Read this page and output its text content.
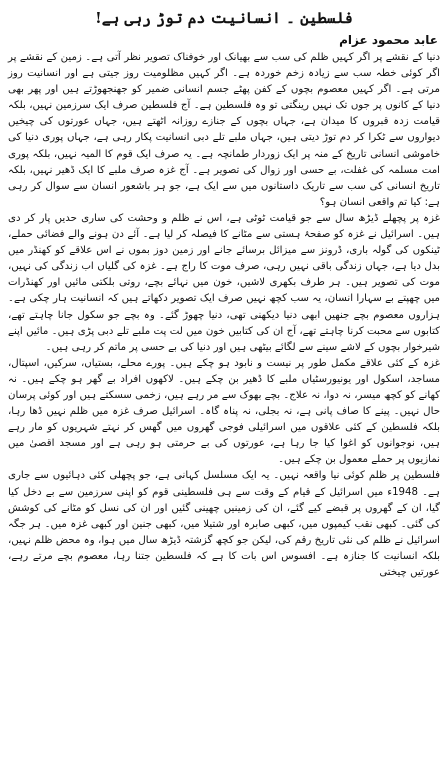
فلسطین ۔ انسانیت دم توڑ رہی ہے!
عابد محمود عزام

دنیا کے نقشے پر اگر کہیں ظلم کی سب سے بھیانک اور خوفناک تصویر نظر آتی ہے۔ زمین کے نقشے پر اگر کوئی خطہ سب سے زیادہ زخم خوردہ ہے۔ اگر کہیں مظلومیت روز جیتی ہے اور انسانیت روز مرتی ہے۔ اگر کہیں معصوم بچوں کے کفن پھٹے جسم انسانی ضمیر کو جھنجھوڑتے ہیں اور پھر بھی دنیا کے کانوں پر جوں تک نہیں رینگتی تو وہ فلسطین ہے۔ آج فلسطین صرف ایک سرزمین نہیں، بلکہ قیامت زدہ قبروں کا میدان ہے، جہاں بچوں کے جنازے روزانہ اٹھتے ہیں، جہاں عورتوں کی چیخیں دیواروں سے ٹکرا کر دم توڑ دیتی ہیں، جہاں ملبے تلے دبی انسانیت پکار رہی ہے، جہاں پوری دنیا کی خاموشی انسانی تاریخ کے منہ پر ایک زوردار طمانچہ ہے۔ یہ صرف ایک قوم کا المیہ نہیں، بلکہ پوری امت مسلمہ کی غفلت، بے حسی اور زوال کی تصویر ہے۔ آج غزہ صرف ملبے کا ایک ڈھیر نہیں، بلکہ تاریخ انسانی کی سب سے تاریک داستانوں میں سے ایک ہے، جو ہر باشعور انسان سے سوال کر رہی ہے: کیا تم واقعی انسان ہو؟

غزہ پر پچھلے ڈیڑھ سال سے جو قیامت ٹوٹی ہے، اس نے ظلم و وحشت کی ساری حدیں پار کر دی ہیں۔ اسرائیل نے غزہ کو صفحۂ ہستی سے مٹانے کا فیصلہ کر لیا ہے۔ آئے دن ہونے والے فضائی حملے، ٹینکوں کی گولہ باری، ڈرونز سے میزائل برسائے جانے اور زمین دوز بموں نے اس علاقے کو کھنڈر میں بدل دیا ہے، جہاں زندگی باقی نہیں رہی، صرف موت کا راج ہے۔ غزہ کی گلیاں اب زندگی کی نہیں، موت کی تصویر ہیں۔ ہر طرف بکھری لاشیں، خون میں نہائے بچے، روتی بلکتی مائیں اور کھنڈرات میں چھپتے بے سہارا انسان، یہ سب کچھ نہیں صرف ایک تصویر دکھاتے ہیں کہ انسانیت ہار چکی ہے۔ ہزاروں معصوم بچے جنھیں ابھی دنیا دیکھنی تھی، دنیا چھوڑ گئے۔ وہ بچے جو سکول جانا چاہتے تھے، کتابوں سے محبت کرنا چاہتے تھے، آج ان کی کتابیں خون میں لت پت ملبے تلے دبی پڑی ہیں۔ مائیں اپنے شیرخوار بچوں کے لاشے سینے سے لگائے بیٹھی ہیں اور دنیا کی بے حسی پر ماتم کر رہی ہیں۔

غزہ کے کئی علاقے مکمل طور پر نیست و نابود ہو چکے ہیں۔ پورے محلے، بستیاں، سرکیں، اسپتال، مساجد، اسکول اور یونیورسٹیاں ملبے کا ڈھیر بن چکے ہیں۔ لاکھوں افراد بے گھر ہو چکے ہیں۔ نہ کھانے کو کچھ میسر، نہ دوا، نہ علاج۔ بچے بھوک سے مر رہے ہیں، زخمی سسکتے ہیں اور کوئی پرسان حال نہیں۔ پینے کا صاف پانی ہے، نہ بجلی، نہ پناہ گاہ۔ اسرائیل صرف غزہ میں ظلم نہیں ڈھا رہا، بلکہ فلسطین کے کئی علاقوں میں اسرائیلی فوجی گھروں میں گھس کر نہتے شہریوں کو مار رہے ہیں، نوجوانوں کو اغوا کیا جا رہا ہے، عورتوں کی بے حرمتی ہو رہی ہے اور مسجد اقصیٰ میں نمازیوں پر حملے معمول بن چکے ہیں۔

فلسطین پر ظلم کوئی نیا واقعہ نہیں۔ یہ ایک مسلسل کہانی ہے، جو پچھلی کئی دہائیوں سے جاری ہے۔ 1948ء میں اسرائیل کے قیام کے وقت سے ہی فلسطینی قوم کو اپنی سرزمین سے بے دخل کیا گیا، ان کے گھروں پر قبضے کیے گئے، ان کی زمینیں چھینی گئیں اور ان کی نسل کو مٹانے کی کوشش کی گئی۔ کبھی نقب کیمپوں میں، کبھی صابرہ اور شتیلا میں، کبھی جنین اور کبھی غزہ میں۔ ہر جگہ اسرائیل نے ظلم کی نئی تاریخ رقم کی، لیکن جو کچھ گزشتہ ڈیڑھ سال میں ہوا، وہ محض ظلم نہیں، بلکہ انسانیت کا جنازہ ہے۔ افسوس اس بات کا ہے کہ فلسطین جتنا رہا، معصوم بچے مرتے رہے، عورتیں چیختی
